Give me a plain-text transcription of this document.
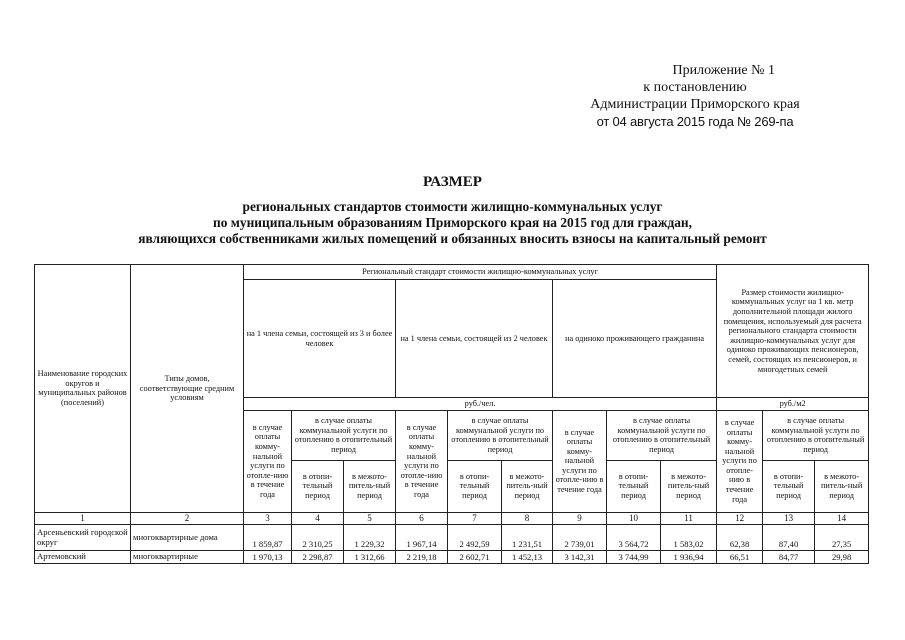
Приложение № 1
к постановлению
Администрации Приморского края
от 04 августа 2015 года № 269-па
РАЗМЕР
региональных стандартов стоимости жилищно-коммунальных услуг
по муниципальным образованиям Приморского края на 2015 год для граждан,
являющихся собственниками жилых помещений и обязанных вносить взносы на капитальный ремонт
Наименование городских округов и муниципальных районов (поселений)	Типы домов, соответствующие средним условиям	Региональный стандарт стоимости жилищно-коммунальных услуг									Размер стоимости жилищно-коммунальных услуг на 1 кв. метр дополнительной площади жилого помещения, используемый для расчета регионального стандарта стоимости жилищно-коммунальных услуг для одиноко проживающих пенсионеров, семей, состоящих из пенсионеров, и многодетных семей		
		на 1 члена семьи, состоящей из 3 и более человек			на 1 члена семьи, состоящей из 2 человек			на одиноко проживающего гражданина					
		руб./чел.									руб./м2		
		в случае оплаты комму-нальной услуги по отопле-нию в течение года	в случае оплаты коммунальной услуги по отоплению в отопительный период		в случае оплаты комму-нальной услуги по отопле-нию в течение года	в случае оплаты коммунальной услуги по отоплению в отопительный период		в случае оплаты комму-нальной услуги по отопле-нию в течение года	в случае оплаты коммунальной услуги по отоплению в отопительный период		в случае оплаты комму-нальной услуги по отопле-нию в течение года	в случае оплаты коммунальной услуги по отоплению в отопительный период	
			в отопи-тельный период	в межото-питель-ный период		в отопи-тельный период	в межото-питель-ный период		в отопи-тельный период	в межото-питель-ный период		в отопи-тельный период	в межото-питель-ный период
1	2	3	4	5	6	7	8	9	10	11	12	13	14
Арсеньевский городской округ	многоквартирные дома	1 859,87	2 310,25	1 229,32	1 967,14	2 492,59	1 231,51	2 739,01	3 564,72	1 583,02	62,38	87,40	27,35
Артемовский	многоквартирные	1 970,13	2 298,87	1 312,66	2 219,18	2 602,71	1 452,13	3 142,31	3 744,99	1 936,94	66,51	84,77	29,98
